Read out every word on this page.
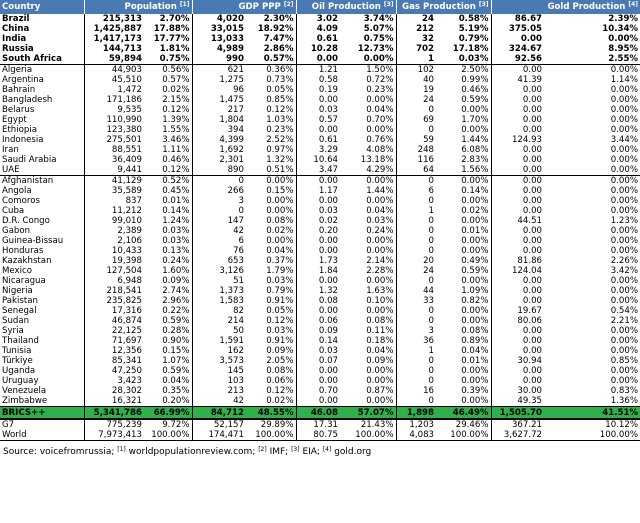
Country	Population [1]		GDP PPP [2]		Oil Production [3]		Gas Production [3]		Gold Production [4]
Brazil	215,313	2.70%	4,020	2.30%	3.02	3.74%	24	0.58%	86.67	2.39%
China	1,425,887	17.88%	33,015	18.92%	4.09	5.07%	212	5.19%	375.05	10.34%
India	1,417,173	17.77%	13,033	7.47%	0.61	0.75%	32	0.79%	0.00	0.00%
Russia	144,713	1.81%	4,989	2.86%	10.28	12.73%	702	17.18%	324.67	8.95%
South Africa	59,894	0.75%	990	0.57%	0.00	0.00%	1	0.03%	92.56	2.55%
Algeria	44,903	0.56%	621	0.36%	1.21	1.50%	102	2.50%	0.00	0.00%
Argentina	45,510	0.57%	1,275	0.73%	0.58	0.72%	40	0.99%	41.39	1.14%
Bahrain	1,472	0.02%	96	0.05%	0.19	0.23%	19	0.46%	0.00	0.00%
Bangladesh	171,186	2.15%	1,475	0.85%	0.00	0.00%	24	0.59%	0.00	0.00%
Belarus	9,535	0.12%	217	0.12%	0.03	0.04%	0	0.00%	0.00	0.00%
Egypt	110,990	1.39%	1,804	1.03%	0.57	0.70%	69	1.70%	0.00	0.00%
Ethiopia	123,380	1.55%	394	0.23%	0.00	0.00%	0	0.00%	0.00	0.00%
Indonesia	275,501	3.46%	4,399	2.52%	0.61	0.76%	59	1.44%	124.93	3.44%
Iran	88,551	1.11%	1,692	0.97%	3.29	4.08%	248	6.08%	0.00	0.00%
Saudi Arabia	36,409	0.46%	2,301	1.32%	10.64	13.18%	116	2.83%	0.00	0.00%
UAE	9,441	0.12%	890	0.51%	3.47	4.29%	64	1.56%	0.00	0.00%
Afghanistan	41,129	0.52%	0	0.00%	0.00	0.00%	0	0.00%	0.00	0.00%
Angola	35,589	0.45%	266	0.15%	1.17	1.44%	6	0.14%	0.00	0.00%
Comoros	837	0.01%	3	0.00%	0.00	0.00%	0	0.00%	0.00	0.00%
Cuba	11,212	0.14%	0	0.00%	0.03	0.04%	1	0.02%	0.00	0.00%
D.R. Congo	99,010	1.24%	147	0.08%	0.02	0.03%	0	0.00%	44.51	1.23%
Gabon	2,389	0.03%	42	0.02%	0.20	0.24%	0	0.01%	0.00	0.00%
Guinea-Bissau	2,106	0.03%	6	0.00%	0.00	0.00%	0	0.00%	0.00	0.00%
Honduras	10,433	0.13%	76	0.04%	0.00	0.00%	0	0.00%	0.00	0.00%
Kazakhstan	19,398	0.24%	653	0.37%	1.73	2.14%	20	0.49%	81.86	2.26%
Mexico	127,504	1.60%	3,126	1.79%	1.84	2.28%	24	0.59%	124.04	3.42%
Nicaragua	6,948	0.09%	51	0.03%	0.00	0.00%	0	0.00%	0.00	0.00%
Nigeria	218,541	2.74%	1,373	0.79%	1.32	1.63%	44	1.09%	0.00	0.00%
Pakistan	235,825	2.96%	1,583	0.91%	0.08	0.10%	33	0.82%	0.00	0.00%
Senegal	17,316	0.22%	82	0.05%	0.00	0.00%	0	0.00%	19.67	0.54%
Sudan	46,874	0.59%	214	0.12%	0.06	0.08%	0	0.00%	80.06	2.21%
Syria	22,125	0.28%	50	0.03%	0.09	0.11%	3	0.08%	0.00	0.00%
Thailand	71,697	0.90%	1,591	0.91%	0.14	0.18%	36	0.89%	0.00	0.00%
Tunisia	12,356	0.15%	162	0.09%	0.03	0.04%	1	0.04%	0.00	0.00%
Türkiye	85,341	1.07%	3,573	2.05%	0.07	0.09%	0	0.01%	30.94	0.85%
Uganda	47,250	0.59%	145	0.08%	0.00	0.00%	0	0.00%	0.00	0.00%
Uruguay	3,423	0.04%	103	0.06%	0.00	0.00%	0	0.00%	0.00	0.00%
Venezuela	28,302	0.35%	213	0.12%	0.70	0.87%	16	0.39%	30.00	0.83%
Zimbabwe	16,321	0.20%	42	0.02%	0.00	0.00%	0	0.00%	49.35	1.36%
BRICS++	5,341,786	66.99%	84,712	48.55%	46.08	57.07%	1,898	46.49%	1,505.70	41.51%
G7	775,239	9.72%	52,157	29.89%	17.31	21.43%	1,203	29.46%	367.21	10.12%
World	7,973,413	100.00%	174,471	100.00%	80.75	100.00%	4,083	100.00%	3,627.72	100.00%
Source: voicefromrussia; [1] worldpopulationreview.com; [2] IMF; [3] EIA; [4] gold.org
